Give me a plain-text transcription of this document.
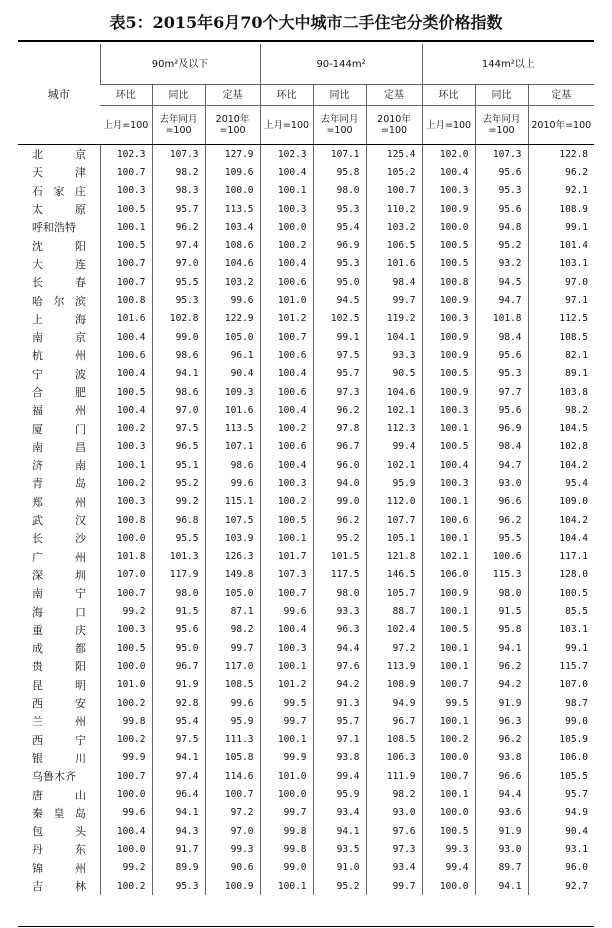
表5：2015年6月70个大中城市二手住宅分类价格指数
城市	90m²及以下			90-144m²			144m²以上		
	环比	同比	定基	环比	同比	定基	环比	同比	定基
	上月=100	去年同月=100	2010年=100	上月=100	去年同月=100	2010年=100	上月=100	去年同月=100	2010年=100

北 京	102.3	107.3	127.9	102.3	107.1	125.4	102.0	107.3	122.8

天 津	100.7	98.2	109.6	100.4	95.8	105.2	100.4	95.6	96.2

石 家 庄	100.3	98.3	100.0	100.1	98.0	100.7	100.3	95.3	92.1

太 原	100.5	95.7	113.5	100.3	95.3	110.2	100.9	95.6	108.9
呼和浩特	100.1	96.2	103.4	100.0	95.4	103.2	100.0	94.8	99.1

沈 阳	100.5	97.4	108.6	100.2	96.9	106.5	100.5	95.2	101.4

大 连	100.7	97.0	104.6	100.4	95.3	101.6	100.5	93.2	103.1

长 春	100.7	95.5	103.2	100.6	95.0	98.4	100.8	94.5	97.0

哈 尔 滨	100.8	95.3	99.6	101.0	94.5	99.7	100.9	94.7	97.1

上 海	101.6	102.8	122.9	101.2	102.5	119.2	100.3	101.8	112.5

南 京	100.4	99.0	105.0	100.7	99.1	104.1	100.9	98.4	108.5

杭 州	100.6	98.6	96.1	100.6	97.5	93.3	100.9	95.6	82.1

宁 波	100.4	94.1	90.4	100.4	95.7	90.5	100.5	95.3	89.1

合 肥	100.5	98.6	109.3	100.6	97.3	104.6	100.9	97.7	103.8

福 州	100.4	97.0	101.6	100.4	96.2	102.1	100.3	95.6	98.2

厦 门	100.2	97.5	113.5	100.2	97.8	112.3	100.1	96.9	104.5

南 昌	100.3	96.5	107.1	100.6	96.7	99.4	100.5	98.4	102.8

济 南	100.1	95.1	98.6	100.4	96.0	102.1	100.4	94.7	104.2

青 岛	100.2	95.2	99.6	100.3	94.0	95.9	100.3	93.0	95.4

郑 州	100.3	99.2	115.1	100.2	99.0	112.0	100.1	96.6	109.0

武 汉	100.8	96.8	107.5	100.5	96.2	107.7	100.6	96.2	104.2

长 沙	100.0	95.5	103.9	100.1	95.2	105.1	100.1	95.5	104.4

广 州	101.8	101.3	126.3	101.7	101.5	121.8	102.1	100.6	117.1

深 圳	107.0	117.9	149.8	107.3	117.5	146.5	106.0	115.3	128.0

南 宁	100.7	98.0	105.0	100.7	98.0	105.7	100.9	98.0	100.5

海 口	99.2	91.5	87.1	99.6	93.3	88.7	100.1	91.5	85.5

重 庆	100.3	95.6	98.2	100.4	96.3	102.4	100.5	95.8	103.1

成 都	100.5	95.0	99.7	100.3	94.4	97.2	100.1	94.1	99.1

贵 阳	100.0	96.7	117.0	100.1	97.6	113.9	100.1	96.2	115.7

昆 明	101.0	91.9	108.5	101.2	94.2	108.9	100.7	94.2	107.0

西 安	100.2	92.8	99.6	99.5	91.3	94.9	99.5	91.9	98.7

兰 州	99.8	95.4	95.9	99.7	95.7	96.7	100.1	96.3	99.0

西 宁	100.2	97.5	111.3	100.1	97.1	108.5	100.2	96.2	105.9

银 川	99.9	94.1	105.8	99.9	93.8	106.3	100.0	93.8	106.0
乌鲁木齐	100.7	97.4	114.6	101.0	99.4	111.9	100.7	96.6	105.5

唐 山	100.0	96.4	100.7	100.0	95.9	98.2	100.1	94.4	95.7

秦 皇 岛	99.6	94.1	97.2	99.7	93.4	93.0	100.0	93.6	94.9

包 头	100.4	94.3	97.0	99.8	94.1	97.6	100.5	91.9	90.4

丹 东	100.0	91.7	99.3	99.8	93.5	97.3	99.3	93.0	93.1

锦 州	99.2	89.9	90.6	99.0	91.0	93.4	99.4	89.7	96.0

吉 林	100.2	95.3	100.9	100.1	95.2	99.7	100.0	94.1	92.7
